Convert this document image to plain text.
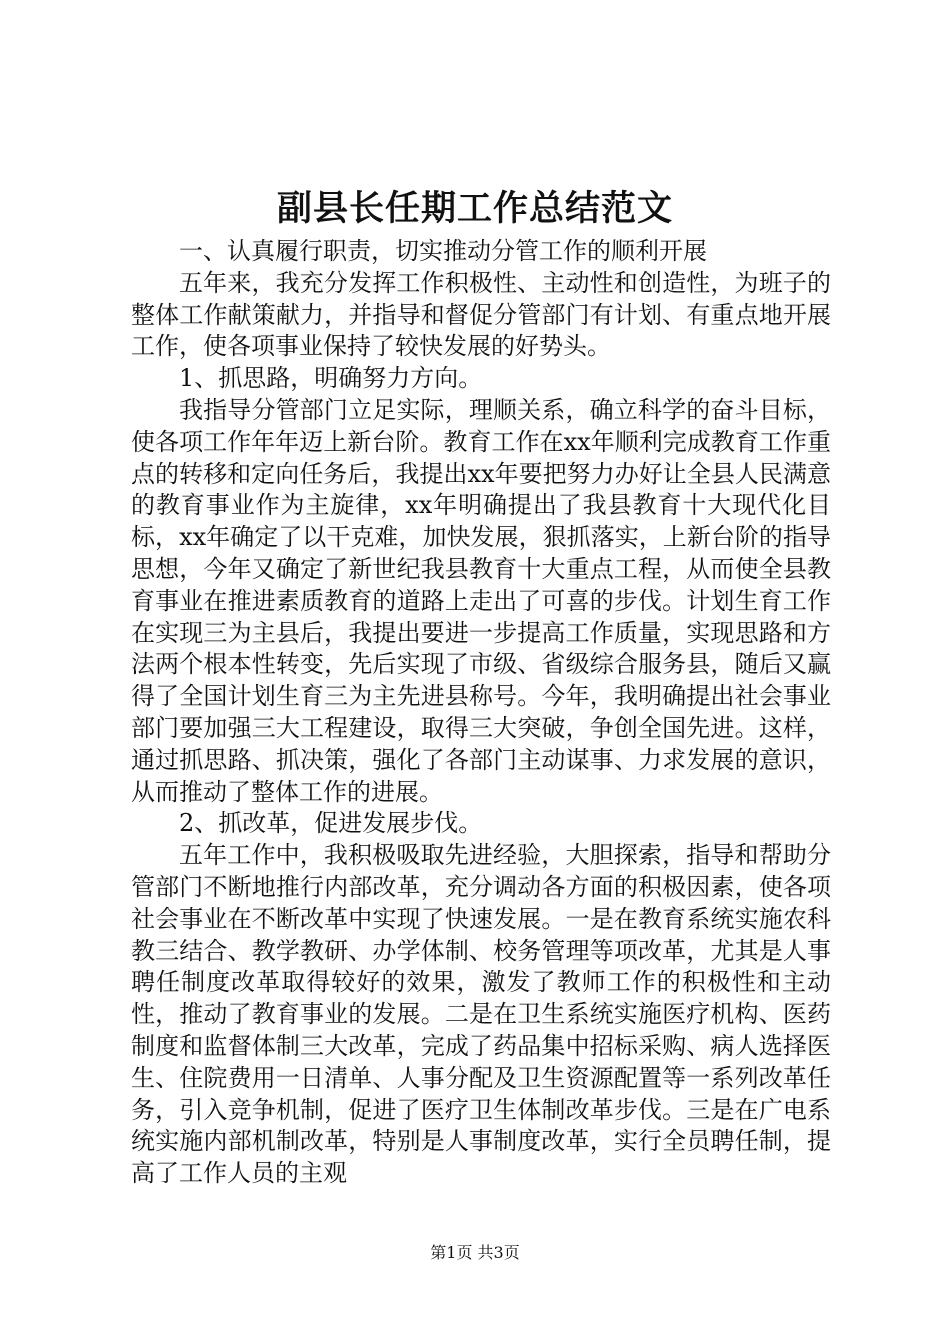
副县长任期工作总结范文

一、认真履行职责，切实推动分管工作的顺利开展

五年来，我充分发挥工作积极性、主动性和创造性，为班子的整体工作献策献力，并指导和督促分管部门有计划、有重点地开展工作，使各项事业保持了较快发展的好势头。

1、抓思路，明确努力方向。

我指导分管部门立足实际，理顺关系，确立科学的奋斗目标，使各项工作年年迈上新台阶。教育工作在xx年顺利完成教育工作重点的转移和定向任务后，我提出xx年要把努力办好让全县人民满意的教育事业作为主旋律，xx年明确提出了我县教育十大现代化目标，xx年确定了以干克难，加快发展，狠抓落实，上新台阶的指导思想，今年又确定了新世纪我县教育十大重点工程，从而使全县教育事业在推进素质教育的道路上走出了可喜的步伐。计划生育工作在实现三为主县后，我提出要进一步提高工作质量，实现思路和方法两个根本性转变，先后实现了市级、省级综合服务县，随后又赢得了全国计划生育三为主先进县称号。今年，我明确提出社会事业部门要加强三大工程建设，取得三大突破，争创全国先进。这样，通过抓思路、抓决策，强化了各部门主动谋事、力求发展的意识，从而推动了整体工作的进展。

2、抓改革，促进发展步伐。

五年工作中，我积极吸取先进经验，大胆探索，指导和帮助分管部门不断地推行内部改革，充分调动各方面的积极因素，使各项社会事业在不断改革中实现了快速发展。一是在教育系统实施农科教三结合、教学教研、办学体制、校务管理等项改革，尤其是人事聘任制度改革取得较好的效果，激发了教师工作的积极性和主动性，推动了教育事业的发展。二是在卫生系统实施医疗机构、医药制度和监督体制三大改革，完成了药品集中招标采购、病人选择医生、住院费用一日清单、人事分配及卫生资源配置等一系列改革任务，引入竞争机制，促进了医疗卫生体制改革步伐。三是在广电系统实施内部机制改革，特别是人事制度改革，实行全员聘任制，提高了工作人员的主观

第1页 共3页
